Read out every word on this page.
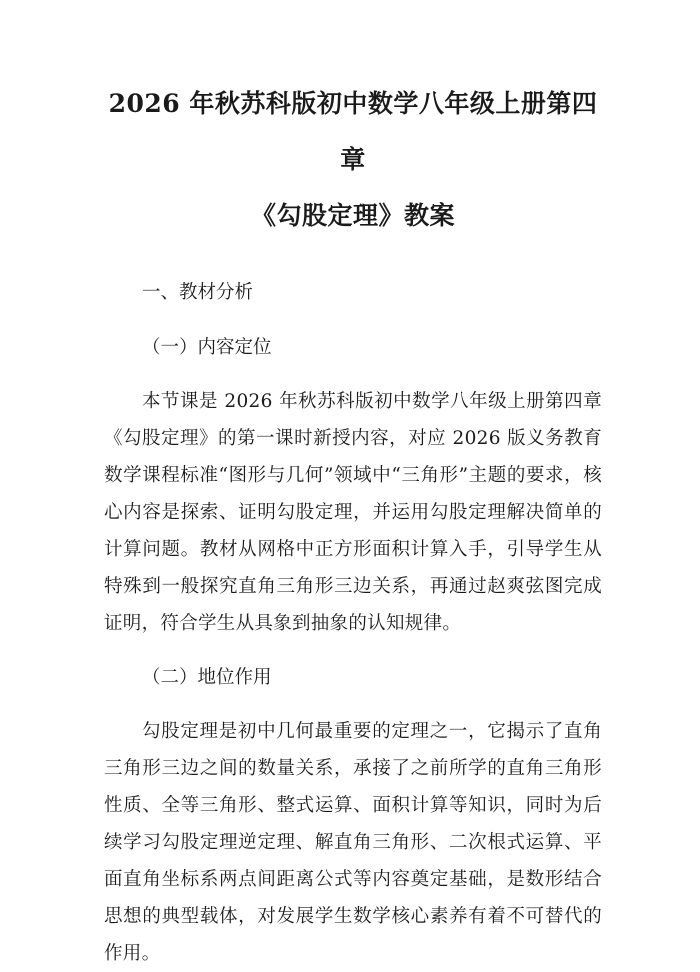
2026 年秋苏科版初中数学八年级上册第四章
《勾股定理》教案

一、教材分析

（一）内容定位

本节课是 2026 年秋苏科版初中数学八年级上册第四章《勾股定理》的第一课时新授内容，对应 2026 版义务教育数学课程标准“图形与几何”领域中“三角形”主题的要求，核心内容是探索、证明勾股定理，并运用勾股定理解决简单的计算问题。教材从网格中正方形面积计算入手，引导学生从特殊到一般探究直角三角形三边关系，再通过赵爽弦图完成证明，符合学生从具象到抽象的认知规律。

（二）地位作用

勾股定理是初中几何最重要的定理之一，它揭示了直角三角形三边之间的数量关系，承接了之前所学的直角三角形性质、全等三角形、整式运算、面积计算等知识，同时为后续学习勾股定理逆定理、解直角三角形、二次根式运算、平面直角坐标系两点间距离公式等内容奠定基础，是数形结合思想的典型载体，对发展学生数学核心素养有着不可替代的作用。
